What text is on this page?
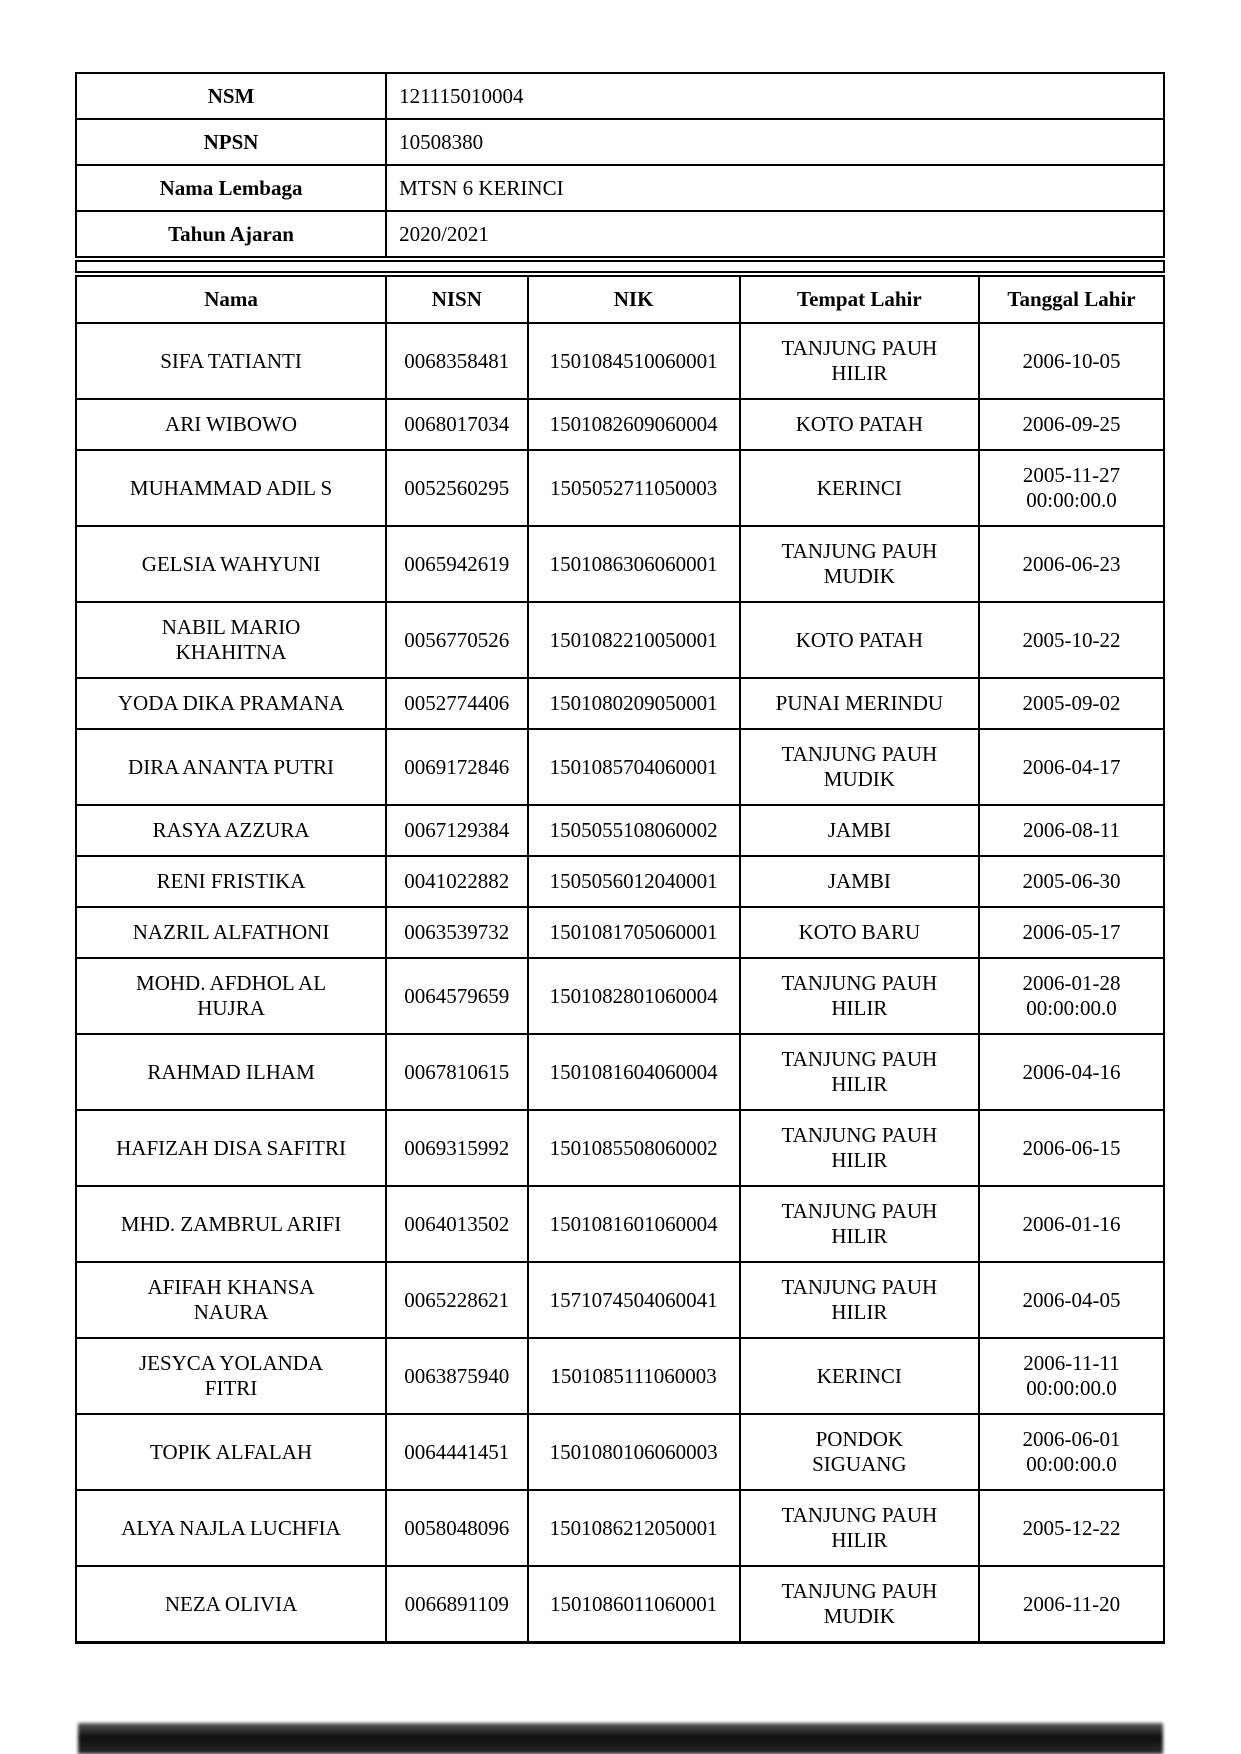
NSM	121115010004
NPSN	10508380
Nama Lembaga	MTSN 6 KERINCI
Tahun Ajaran	2020/2021
Nama	NISN	NIK	Tempat Lahir	Tanggal Lahir
SIFA TATIANTI	0068358481	1501084510060001	TANJUNG PAUH HILIR	2006-10-05
ARI WIBOWO	0068017034	1501082609060004	KOTO PATAH	2006-09-25
MUHAMMAD ADIL S	0052560295	1505052711050003	KERINCI	2005-11-27 00:00:00.0
GELSIA WAHYUNI	0065942619	1501086306060001	TANJUNG PAUH MUDIK	2006-06-23
NABIL MARIO KHAHITNA	0056770526	1501082210050001	KOTO PATAH	2005-10-22
YODA DIKA PRAMANA	0052774406	1501080209050001	PUNAI MERINDU	2005-09-02
DIRA ANANTA PUTRI	0069172846	1501085704060001	TANJUNG PAUH MUDIK	2006-04-17
RASYA AZZURA	0067129384	1505055108060002	JAMBI	2006-08-11
RENI FRISTIKA	0041022882	1505056012040001	JAMBI	2005-06-30
NAZRIL ALFATHONI	0063539732	1501081705060001	KOTO BARU	2006-05-17
MOHD. AFDHOL AL HUJRA	0064579659	1501082801060004	TANJUNG PAUH HILIR	2006-01-28 00:00:00.0
RAHMAD ILHAM	0067810615	1501081604060004	TANJUNG PAUH HILIR	2006-04-16
HAFIZAH DISA SAFITRI	0069315992	1501085508060002	TANJUNG PAUH HILIR	2006-06-15
MHD. ZAMBRUL ARIFI	0064013502	1501081601060004	TANJUNG PAUH HILIR	2006-01-16
AFIFAH KHANSA NAURA	0065228621	1571074504060041	TANJUNG PAUH HILIR	2006-04-05
JESYCA YOLANDA FITRI	0063875940	1501085111060003	KERINCI	2006-11-11 00:00:00.0
TOPIK ALFALAH	0064441451	1501080106060003	PONDOK SIGUANG	2006-06-01 00:00:00.0
ALYA NAJLA LUCHFIA	0058048096	1501086212050001	TANJUNG PAUH HILIR	2005-12-22
NEZA OLIVIA	0066891109	1501086011060001	TANJUNG PAUH MUDIK	2006-11-20
